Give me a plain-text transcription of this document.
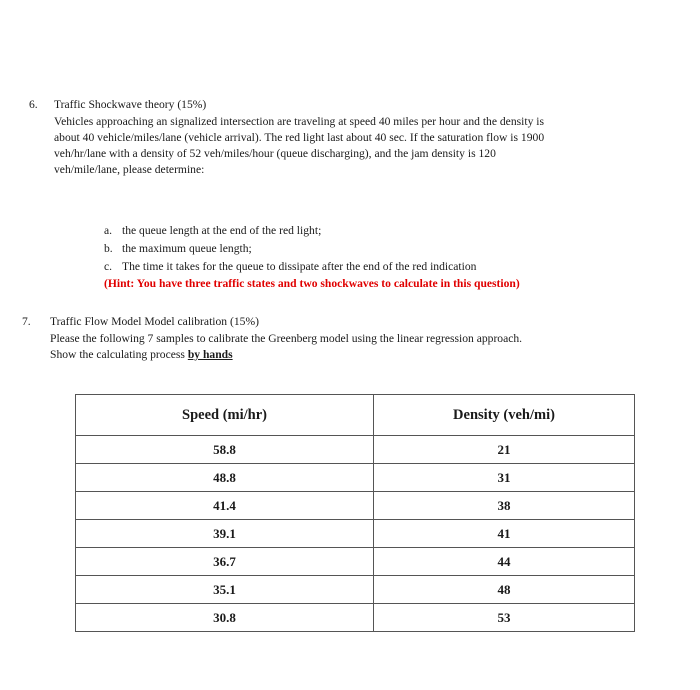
6. Traffic Shockwave theory (15%)
Vehicles approaching an signalized intersection are traveling at speed 40 miles per hour and the density is
about 40 vehicle/miles/lane (vehicle arrival). The red light last about 40 sec. If the saturation flow is 1900
veh/hr/lane with a density of 52 veh/miles/hour (queue discharging), and the jam density is 120
veh/mile/lane, please determine:
a. the queue length at the end of the red light;
b. the maximum queue length;
c. The time it takes for the queue to dissipate after the end of the red indication
(Hint: You have three traffic states and two shockwaves to calculate in this question)
7. Traffic Flow Model Model calibration (15%)
Please the following 7 samples to calibrate the Greenberg model using the linear regression approach.
Show the calculating process by hands
Speed (mi/hr)	Density (veh/mi)
58.8	21
48.8	31
41.4	38
39.1	41
36.7	44
35.1	48
30.8	53
